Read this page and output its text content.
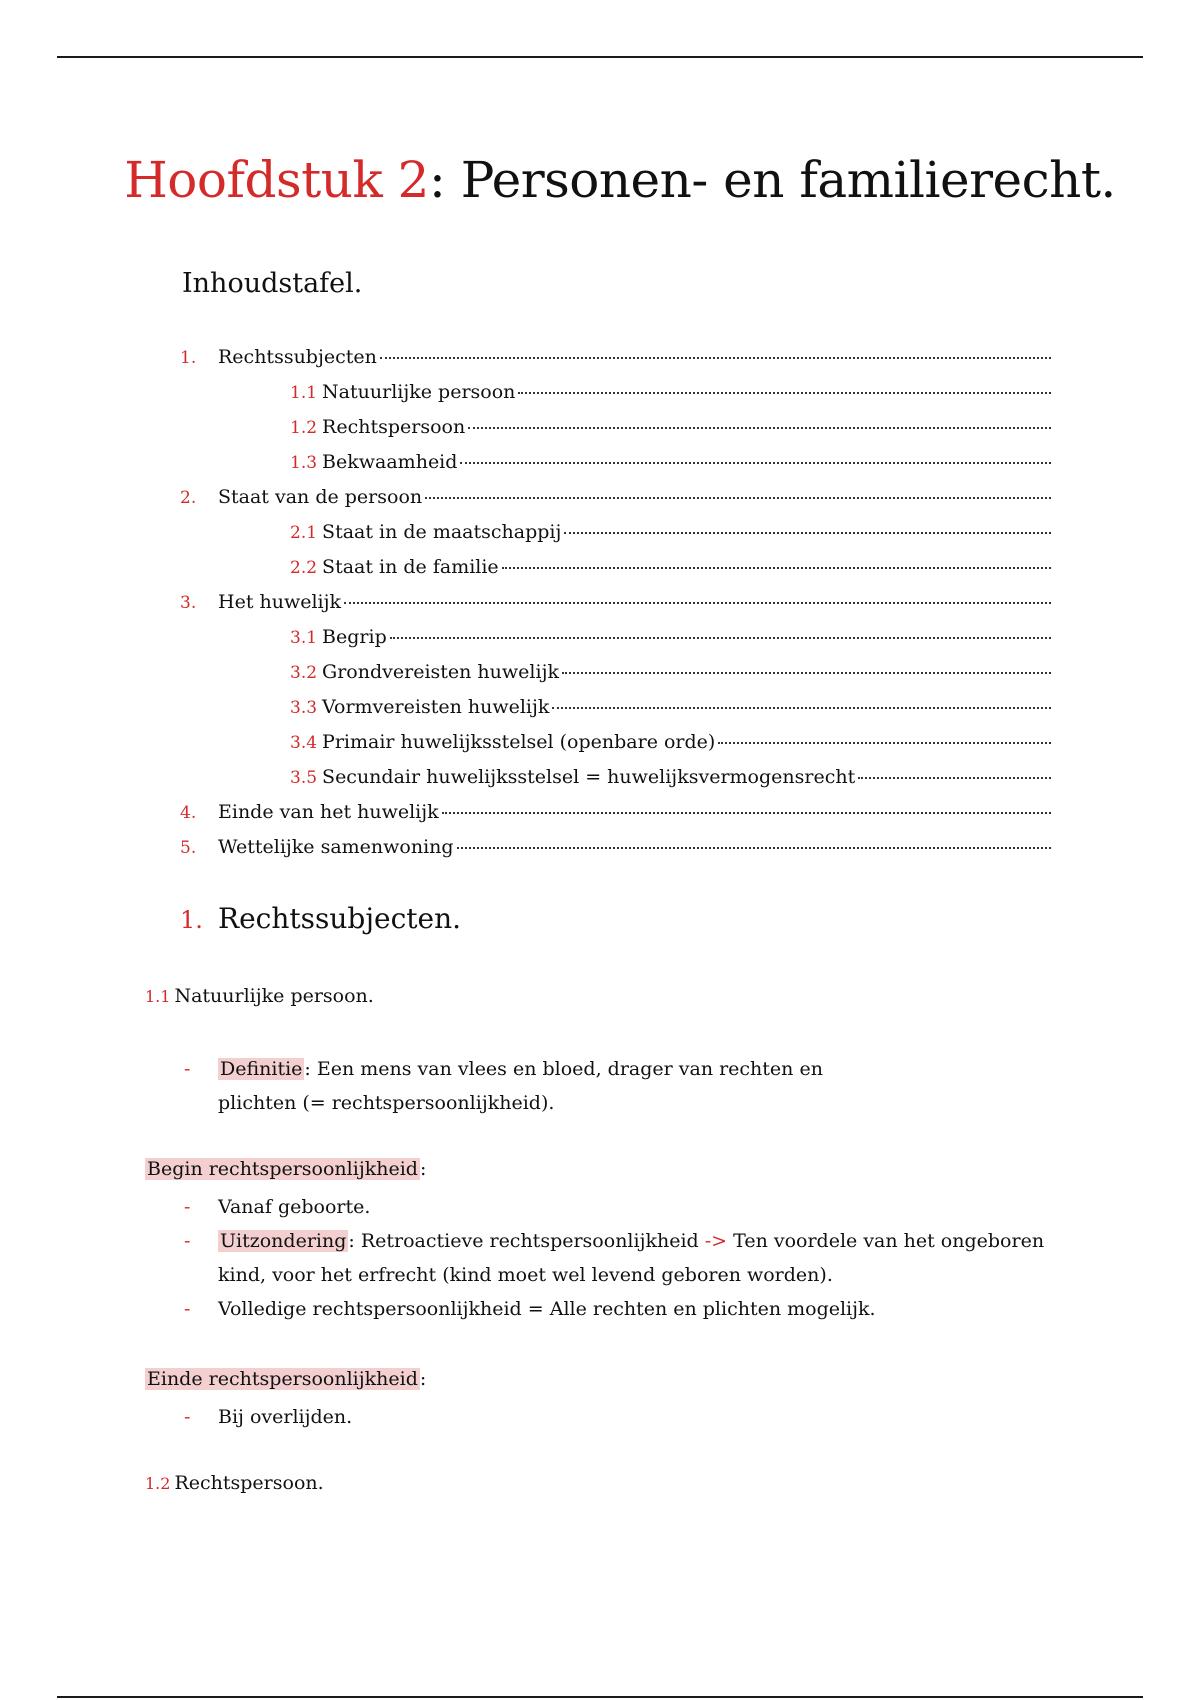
Hoofdstuk 2: Personen- en familierecht.
Inhoudstafel.
1.	Rechtssubjecten
1.1 Natuurlijke persoon
1.2 Rechtspersoon
1.3 Bekwaamheid
2.	Staat van de persoon
2.1 Staat in de maatschappij
2.2 Staat in de familie
3.	Het huwelijk
3.1 Begrip
3.2 Grondvereisten huwelijk
3.3 Vormvereisten huwelijk
3.4 Primair huwelijksstelsel (openbare orde)
3.5 Secundair huwelijksstelsel = huwelijksvermogensrecht
4.	Einde van het huwelijk
5.	Wettelijke samenwoning
1. Rechtssubjecten.
1.1 Natuurlijke persoon.
- Definitie : Een mens van vlees en bloed, drager van rechten en plichten (= rechtspersoonlijkheid).

Begin rechtspersoonlijkheid :

- Vanaf geboorte.
- Uitzondering : Retroactieve rechtspersoonlijkheid -> Ten voordele van het ongeboren kind, voor het erfrecht (kind moet wel levend geboren worden).
- Volledige rechtspersoonlijkheid = Alle rechten en plichten mogelijk.

Einde rechtspersoonlijkheid :

- Bij overlijden.
1.2 Rechtspersoon.
